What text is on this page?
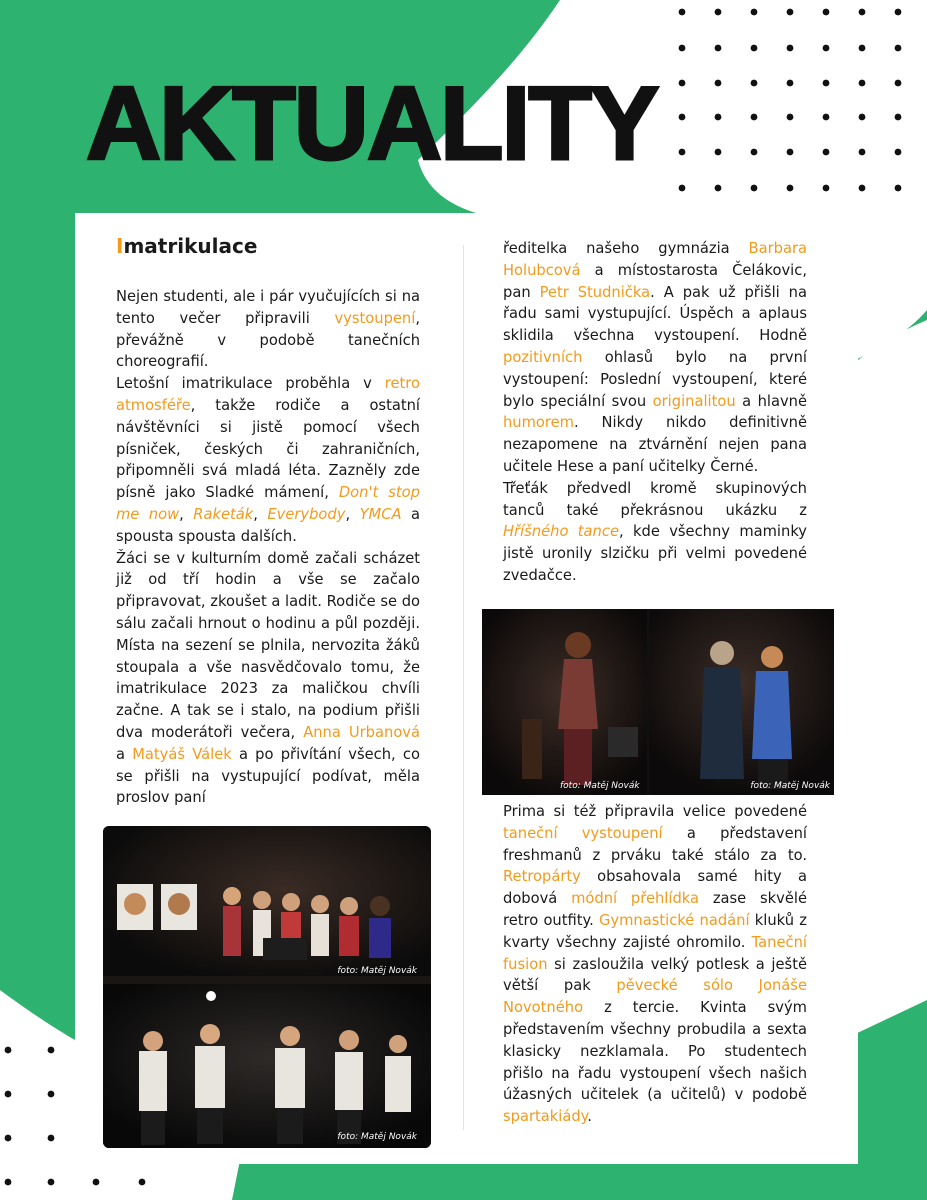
AKTUALITY
Imatrikulace

Nejen studenti, ale i pár vyučujících si na tento večer připravili vystoupení, převážně v podobě tanečních choreografií.

Letošní imatrikulace proběhla v retro atmosféře, takže rodiče a ostatní návštěvníci si jistě pomocí všech písniček, českých či zahraničních, připomněli svá mladá léta. Zazněly zde písně jako Sladké mámení, Don't stop me now, Raketák, Everybody, YMCA a spousta spousta dalších.

Žáci se v kulturním domě začali scházet již od tří hodin a vše se začalo připravovat, zkoušet a ladit. Rodiče se do sálu začali hrnout o hodinu a půl později. Místa na sezení se plnila, nervozita žáků stoupala a vše nasvědčovalo tomu, že imatrikulace 2023 za maličkou chvíli začne. A tak se i stalo, na podium přišli dva moderátoři večera, Anna Urbanová a Matyáš Válek a po přivítání všech, co se přišli na vystupující podívat, měla proslov paní

ředitelka našeho gymnázia Barbara Holubcová a místostarosta Čelákovic, pan Petr Studnička. A pak už přišli na řadu sami vystupující. Úspěch a aplaus sklidila všechna vystoupení. Hodně pozitivních ohlasů bylo na první vystoupení: Poslední vystoupení, které bylo speciální svou originalitou a hlavně humorem. Nikdy nikdo definitivně nezapomene na ztvárnění nejen pana učitele Hese a paní učitelky Černé.

Třeťák předvedl kromě skupinových tanců také překrásnou ukázku z Hříšného tance, kde všechny maminky jistě uronily slzičku při velmi povedené zvedačce.

Prima si též připravila velice povedené taneční vystoupení a představení freshmanů z prváku také stálo za to. Retropárty obsahovala samé hity a dobová módní přehlídka zase skvělé retro outfity. Gymnastické nadání kluků z kvarty všechny zajisté ohromilo. Taneční fusion si zasloužila velký potlesk a ještě větší pak pěvecké sólo Jonáše Novotného z tercie. Kvinta svým představením všechny probudila a sexta klasicky nezklamala. Po studentech přišlo na řadu vystoupení všech našich úžasných učitelek (a učitelů) v podobě spartakiády.

foto: Matěj Novák
foto: Matěj Novák
foto: Matěj Novák	foto: Matěj Novák
